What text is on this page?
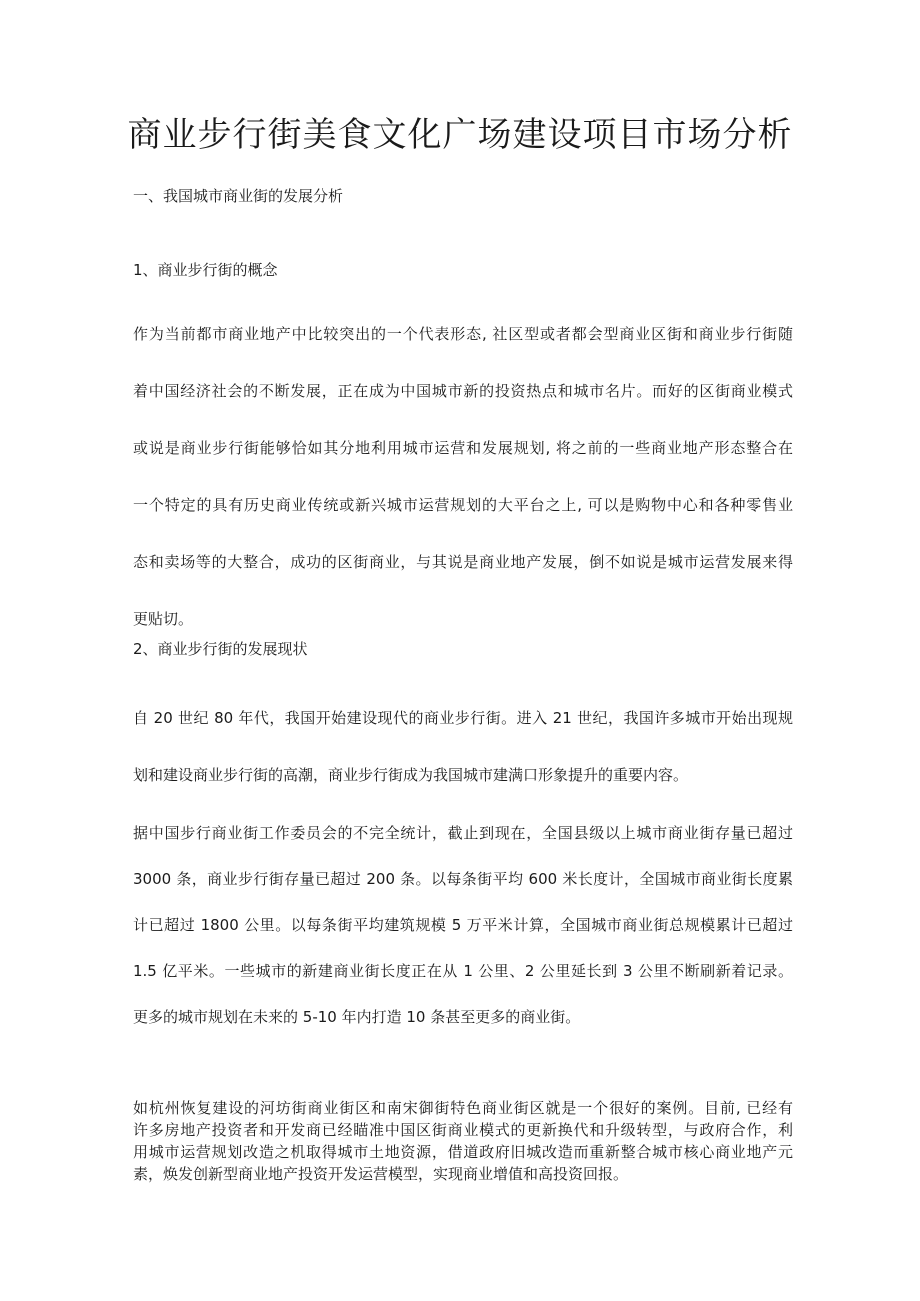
商业步行街美食文化广场建设项目市场分析
一、我国城市商业街的发展分析
1、商业步行街的概念
作为当前都市商业地产中比较突出的一个代表形态, 社区型或者都会型商业区街和商业步行街随
着中国经济社会的不断发展，正在成为中国城市新的投资热点和城市名片。而好的区街商业模式
或说是商业步行街能够恰如其分地利用城市运营和发展规划, 将之前的一些商业地产形态整合在
一个特定的具有历史商业传统或新兴城市运营规划的大平台之上, 可以是购物中心和各种零售业
态和卖场等的大整合，成功的区街商业，与其说是商业地产发展，倒不如说是城市运营发展来得
更贴切。
2、商业步行街的发展现状
自 20 世纪 80 年代，我国开始建设现代的商业步行街。进入 21 世纪，我国许多城市开始出现规
划和建设商业步行街的高潮，商业步行街成为我国城市建满口形象提升的重要内容。
据中国步行商业街工作委员会的不完全统计，截止到现在，全国县级以上城市商业街存量已超过
3000 条，商业步行街存量已超过 200 条。以每条街平均 600 米长度计，全国城市商业街长度累
计已超过 1800 公里。以每条街平均建筑规模 5 万平米计算，全国城市商业街总规模累计已超过
1.5 亿平米。一些城市的新建商业街长度正在从 1 公里、2 公里延长到 3 公里不断刷新着记录。
更多的城市规划在未来的 5-10 年内打造 10 条甚至更多的商业街。
如杭州恢复建设的河坊街商业街区和南宋御街特色商业街区就是一个很好的案例。目前, 已经有
许多房地产投资者和开发商已经瞄准中国区街商业模式的更新换代和升级转型，与政府合作，利
用城市运营规划改造之机取得城市土地资源，借道政府旧城改造而重新整合城市核心商业地产元
素，焕发创新型商业地产投资开发运营模型，实现商业增值和高投资回报。
